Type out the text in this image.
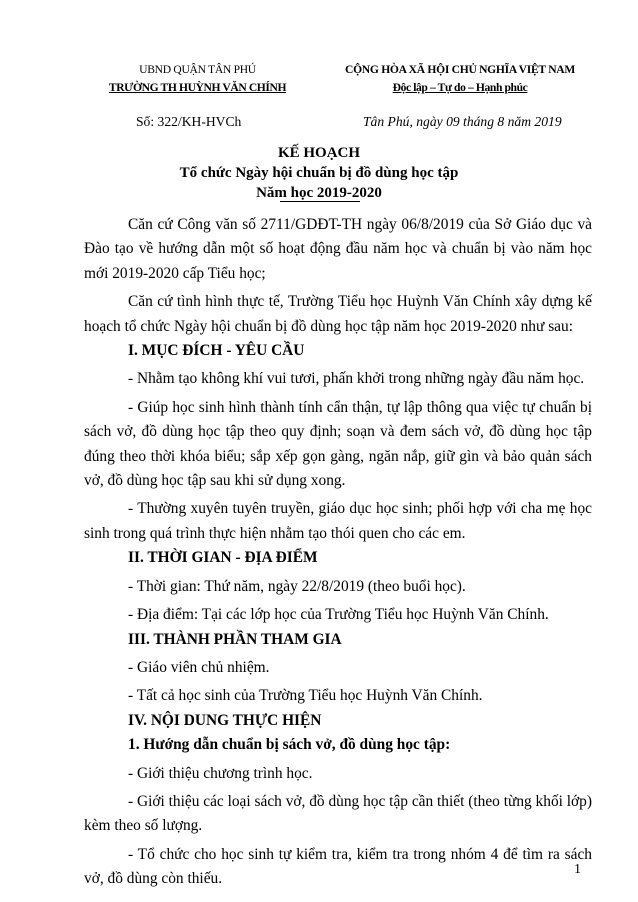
UBND QUẬN TÂN PHÚ
TRƯỜNG TH HUỲNH VĂN CHÍNH
CỘNG HÒA XÃ HỘI CHỦ NGHĨA VIỆT NAM
Độc lập – Tự do – Hạnh phúc
Số: 322/KH-HVCh	Tân Phú, ngày 09 tháng 8 năm 2019
KẾ HOẠCH
Tổ chức Ngày hội chuẩn bị đồ dùng học tập
Năm học 2019-2020

Căn cứ Công văn số 2711/GDĐT-TH ngày 06/8/2019 của Sở Giáo dục và Đào tạo về hướng dẫn một số hoạt động đầu năm học và chuẩn bị vào năm học mới 2019-2020 cấp Tiểu học;

Căn cứ tình hình thực tế, Trường Tiểu học Huỳnh Văn Chính xây dựng kế hoạch tổ chức Ngày hội chuẩn bị đồ dùng học tập năm học 2019-2020 như sau:

I. MỤC ĐÍCH - YÊU CẦU

- Nhằm tạo không khí vui tươi, phấn khởi trong những ngày đầu năm học.

- Giúp học sinh hình thành tính cẩn thận, tự lập thông qua việc tự chuẩn bị sách vở, đồ dùng học tập theo quy định; soạn và đem sách vở, đồ dùng học tập đúng theo thời khóa biểu; sắp xếp gọn gàng, ngăn nắp, giữ gìn và bảo quản sách vở, đồ dùng học tập sau khi sử dụng xong.

- Thường xuyên tuyên truyền, giáo dục học sinh; phối hợp với cha mẹ học sinh trong quá trình thực hiện nhằm tạo thói quen cho các em.

II. THỜI GIAN - ĐỊA ĐIỂM

- Thời gian: Thứ năm, ngày 22/8/2019 (theo buổi học).

- Địa điểm: Tại các lớp học của Trường Tiểu học Huỳnh Văn Chính.

III. THÀNH PHẦN THAM GIA

- Giáo viên chủ nhiệm.

- Tất cả học sinh của Trường Tiểu học Huỳnh Văn Chính.

IV. NỘI DUNG THỰC HIỆN

1. Hướng dẫn chuẩn bị sách vở, đồ dùng học tập:

- Giới thiệu chương trình học.

- Giới thiệu các loại sách vở, đồ dùng học tập cần thiết (theo từng khối lớp) kèm theo số lượng.

- Tổ chức cho học sinh tự kiểm tra, kiểm tra trong nhóm 4 để tìm ra sách vở, đồ dùng còn thiếu.

1
